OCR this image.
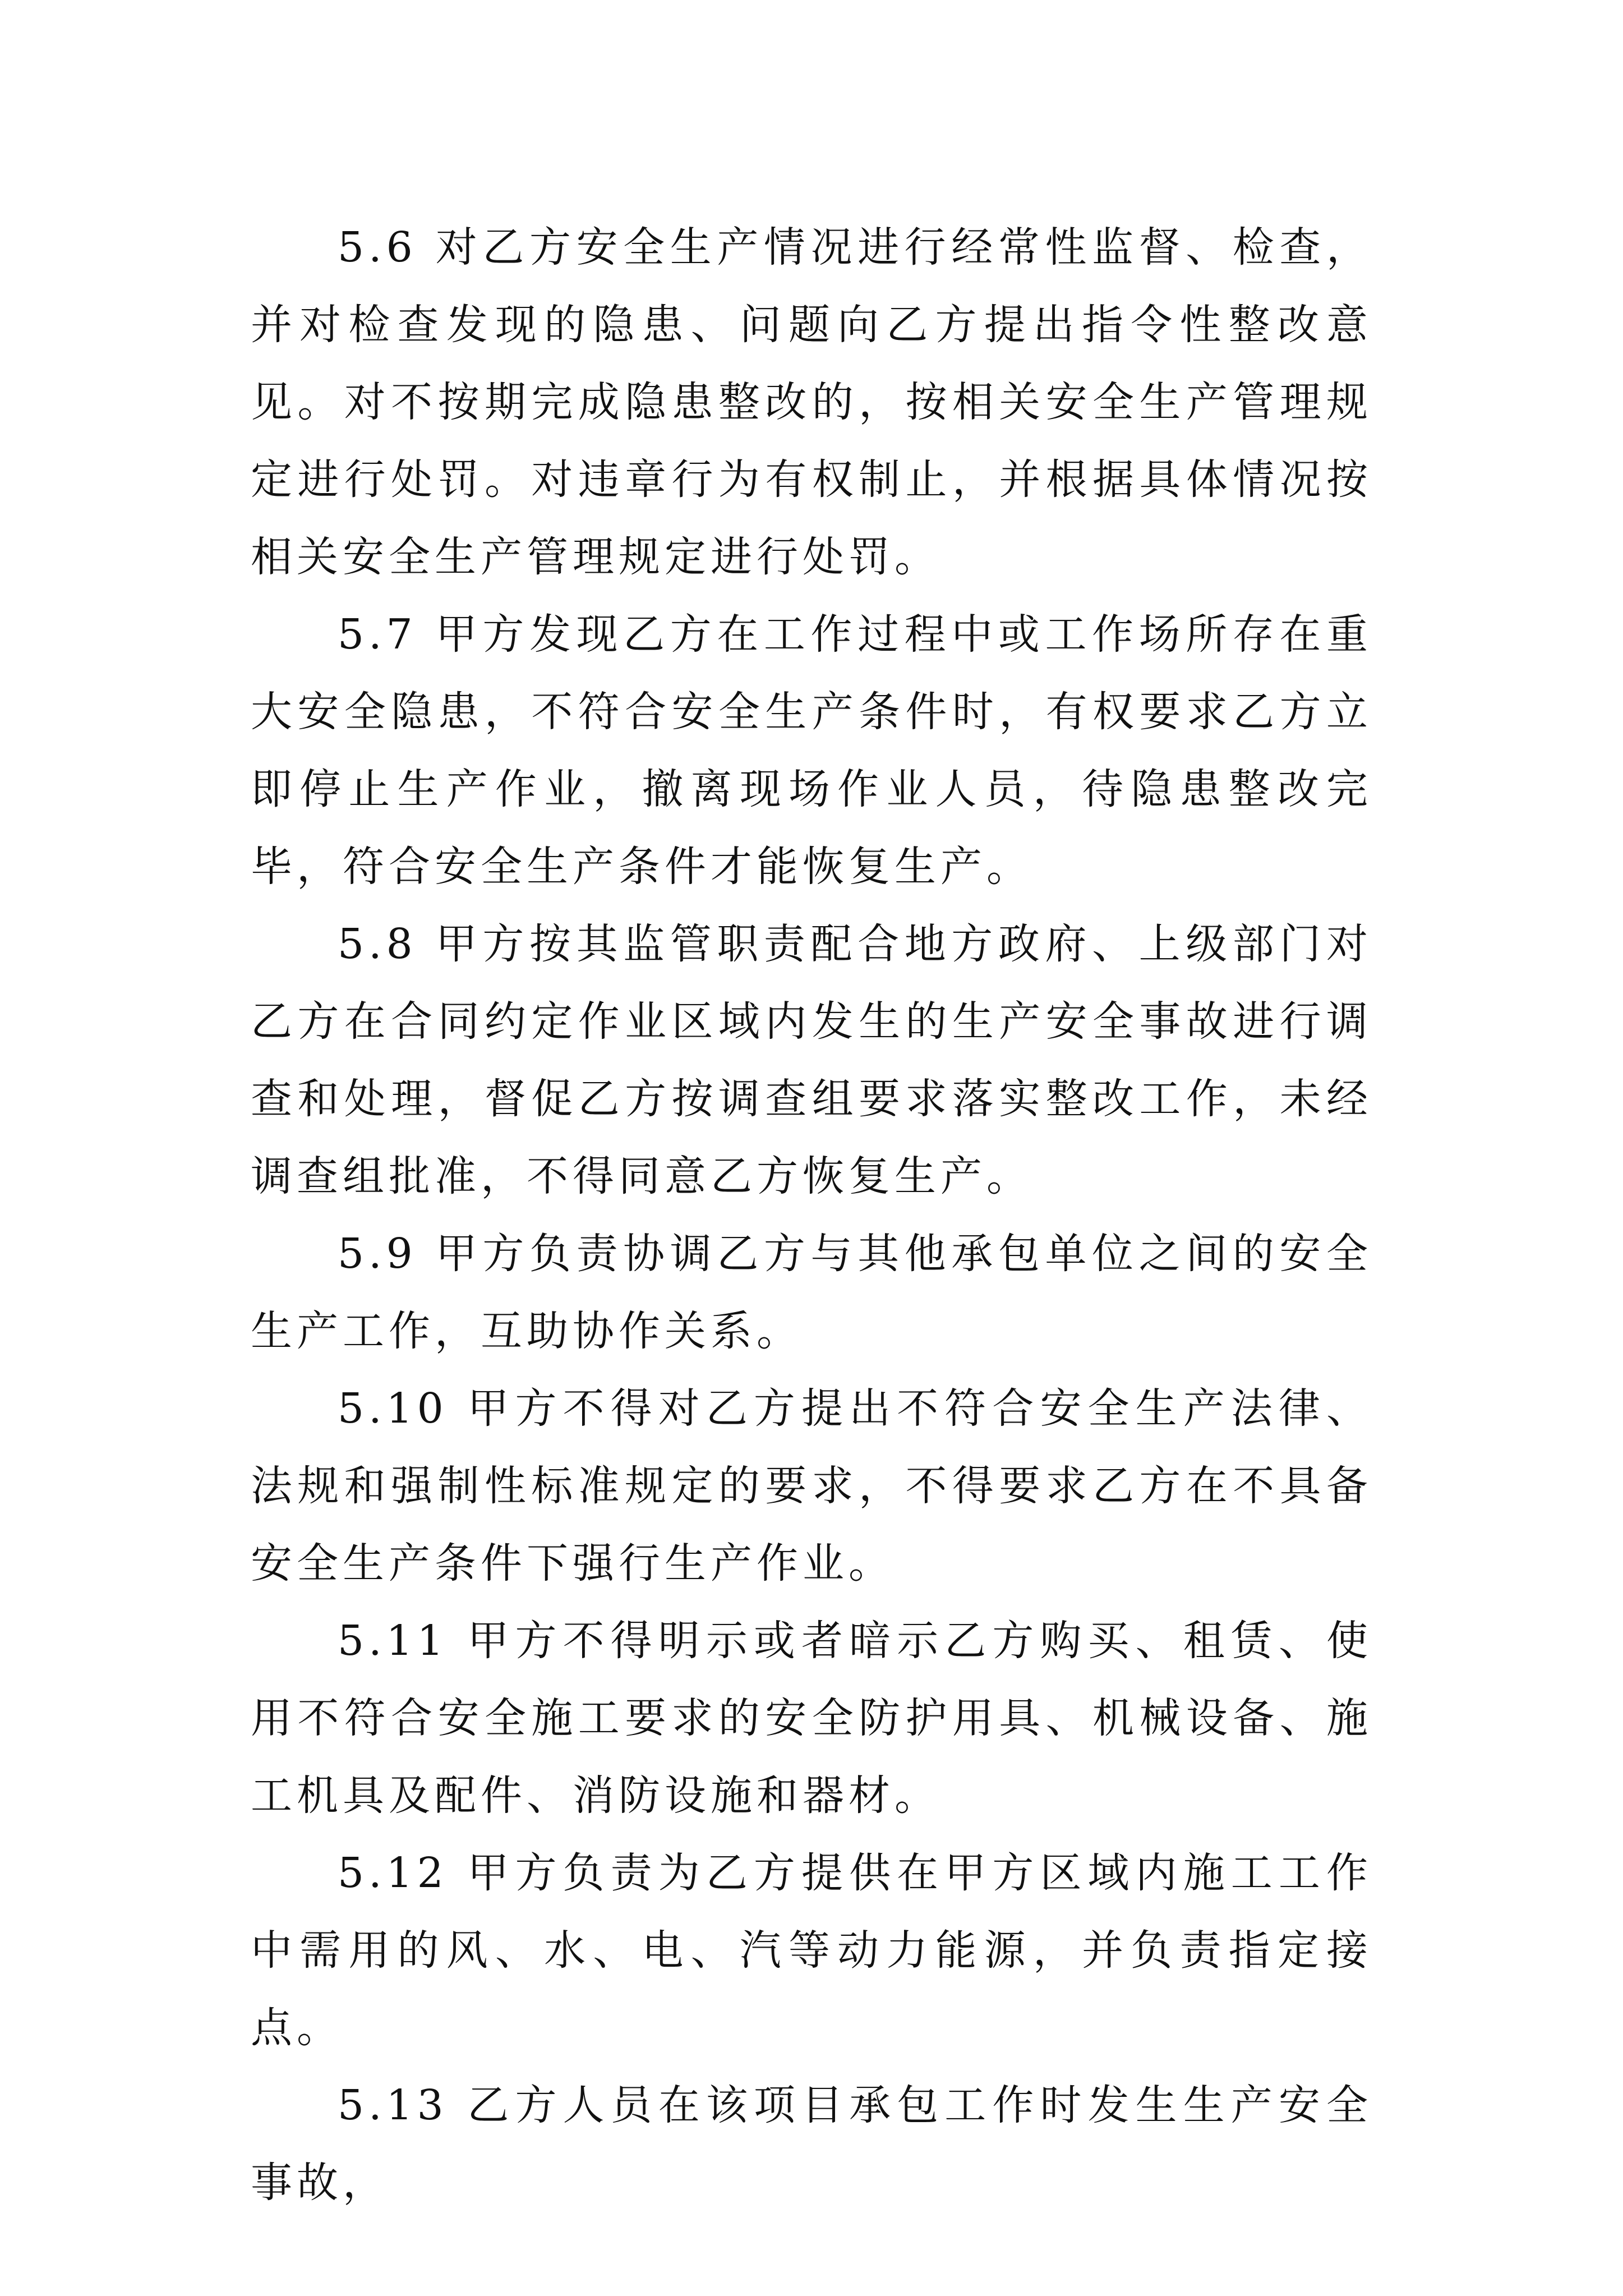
5.6 对乙方安全生产情况进行经常性监督、检查，并对检查发现的隐患、问题向乙方提出指令性整改意见。对不按期完成隐患整改的，按相关安全生产管理规定进行处罚。对违章行为有权制止，并根据具体情况按相关安全生产管理规定进行处罚。

5.7 甲方发现乙方在工作过程中或工作场所存在重大安全隐患，不符合安全生产条件时，有权要求乙方立即停止生产作业，撤离现场作业人员，待隐患整改完毕，符合安全生产条件才能恢复生产。

5.8 甲方按其监管职责配合地方政府、上级部门对乙方在合同约定作业区域内发生的生产安全事故进行调查和处理，督促乙方按调查组要求落实整改工作，未经调查组批准，不得同意乙方恢复生产。

5.9 甲方负责协调乙方与其他承包单位之间的安全生产工作，互助协作关系。

5.10 甲方不得对乙方提出不符合安全生产法律、法规和强制性标准规定的要求，不得要求乙方在不具备安全生产条件下强行生产作业。

5.11 甲方不得明示或者暗示乙方购买、租赁、使用不符合安全施工要求的安全防护用具、机械设备、施工机具及配件、消防设施和器材。

5.12 甲方负责为乙方提供在甲方区域内施工工作中需用的风、水、电、汽等动力能源，并负责指定接点。

5.13 乙方人员在该项目承包工作时发生生产安全事故，
